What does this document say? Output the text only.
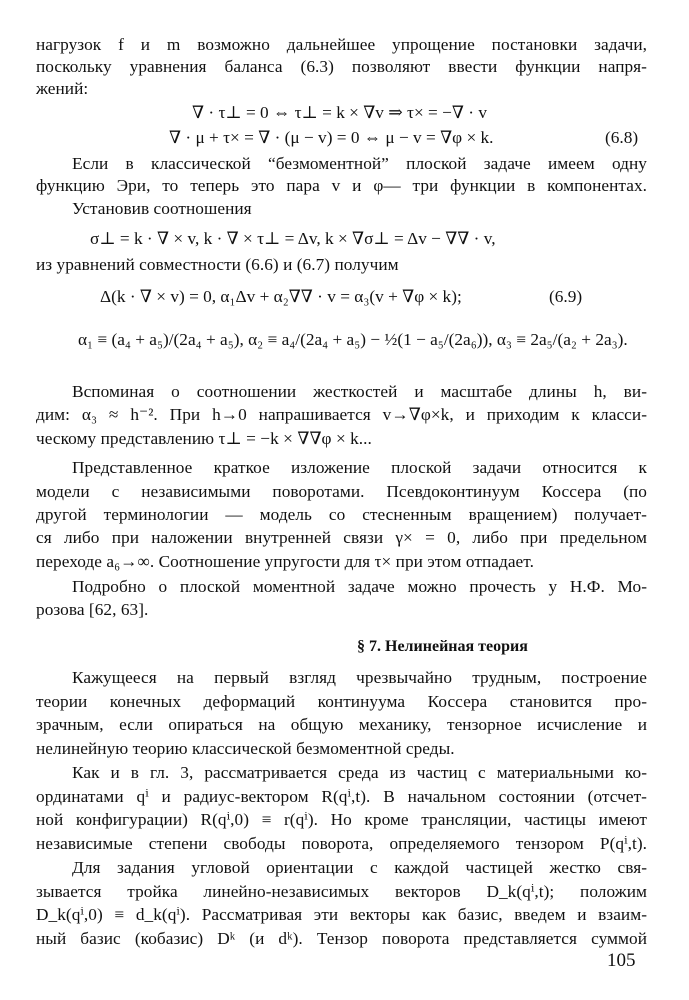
нагрузок f и m возможно дальнейшее упрощение постановки задачи,
поскольку уравнения баланса (6.3) позволяют ввести функции напря-
жений:
∇ · τ⊥ = 0 ⇔ τ⊥ = k × ∇v ⇒ τ× = −∇ · v
∇ · μ + τ× = ∇ · (μ − v) = 0 ⇔ μ − v = ∇φ × k.	(6.8)
Если в классической “безмоментной” плоской задаче имеем одну
функцию Эри, то теперь это пара v и φ— три функции в компонентах.
Установив соотношения
σ⊥ = k · ∇ × v, k · ∇ × τ⊥ = Δv, k × ∇σ⊥ = Δv − ∇∇ · v,
из уравнений совместности (6.6) и (6.7) получим
Δ(k · ∇ × v) = 0, α₁Δv + α₂∇∇ · v = α₃(v + ∇φ × k);	(6.9)
α₁ ≡ (a₄ + a₅)/(2a₄ + a₅), α₂ ≡ a₄/(2a₄ + a₅) − ½(1 − a₅/(2a₆)), α₃ ≡ 2a₅/(a₂ + 2a₃).
Вспоминая о соотношении жесткостей и масштабе длины h, ви-
дим: α₃ ≈ h⁻². При h→0 напрашивается v→∇φ×k, и приходим к класси-
ческому представлению τ⊥ = −k × ∇∇φ × k...
Представленное краткое изложение плоской задачи относится к
модели с независимыми поворотами. Псевдоконтинуум Коссера (по
другой терминологии — модель со стесненным вращением) получает-
ся либо при наложении внутренней связи γ× = 0, либо при предельном
переходе a₆→∞. Соотношение упругости для τ× при этом отпадает.
Подробно о плоской моментной задаче можно прочесть у Н.Ф. Мо-
розова [62, 63].
§ 7. Нелинейная теория
Кажущееся на первый взгляд чрезвычайно трудным, построение
теории конечных деформаций континуума Коссера становится про-
зрачным, если опираться на общую механику, тензорное исчисление и
нелинейную теорию классической безмоментной среды.
Как и в гл. 3, рассматривается среда из частиц с материальными ко-
ординатами qⁱ и радиус-вектором R(qⁱ,t). В начальном состоянии (отсчет-
ной конфигурации) R(qⁱ,0) ≡ r(qⁱ). Но кроме трансляции, частицы имеют
независимые степени свободы поворота, определяемого тензором P(qⁱ,t).
Для задания угловой ориентации с каждой частицей жестко свя-
зывается тройка линейно-независимых векторов D_k(qⁱ,t); положим
D_k(qⁱ,0) ≡ d_k(qⁱ). Рассматривая эти векторы как базис, введем и взаим-
ный базис (кобазис) Dᵏ (и dᵏ). Тензор поворота представляется суммой
105
